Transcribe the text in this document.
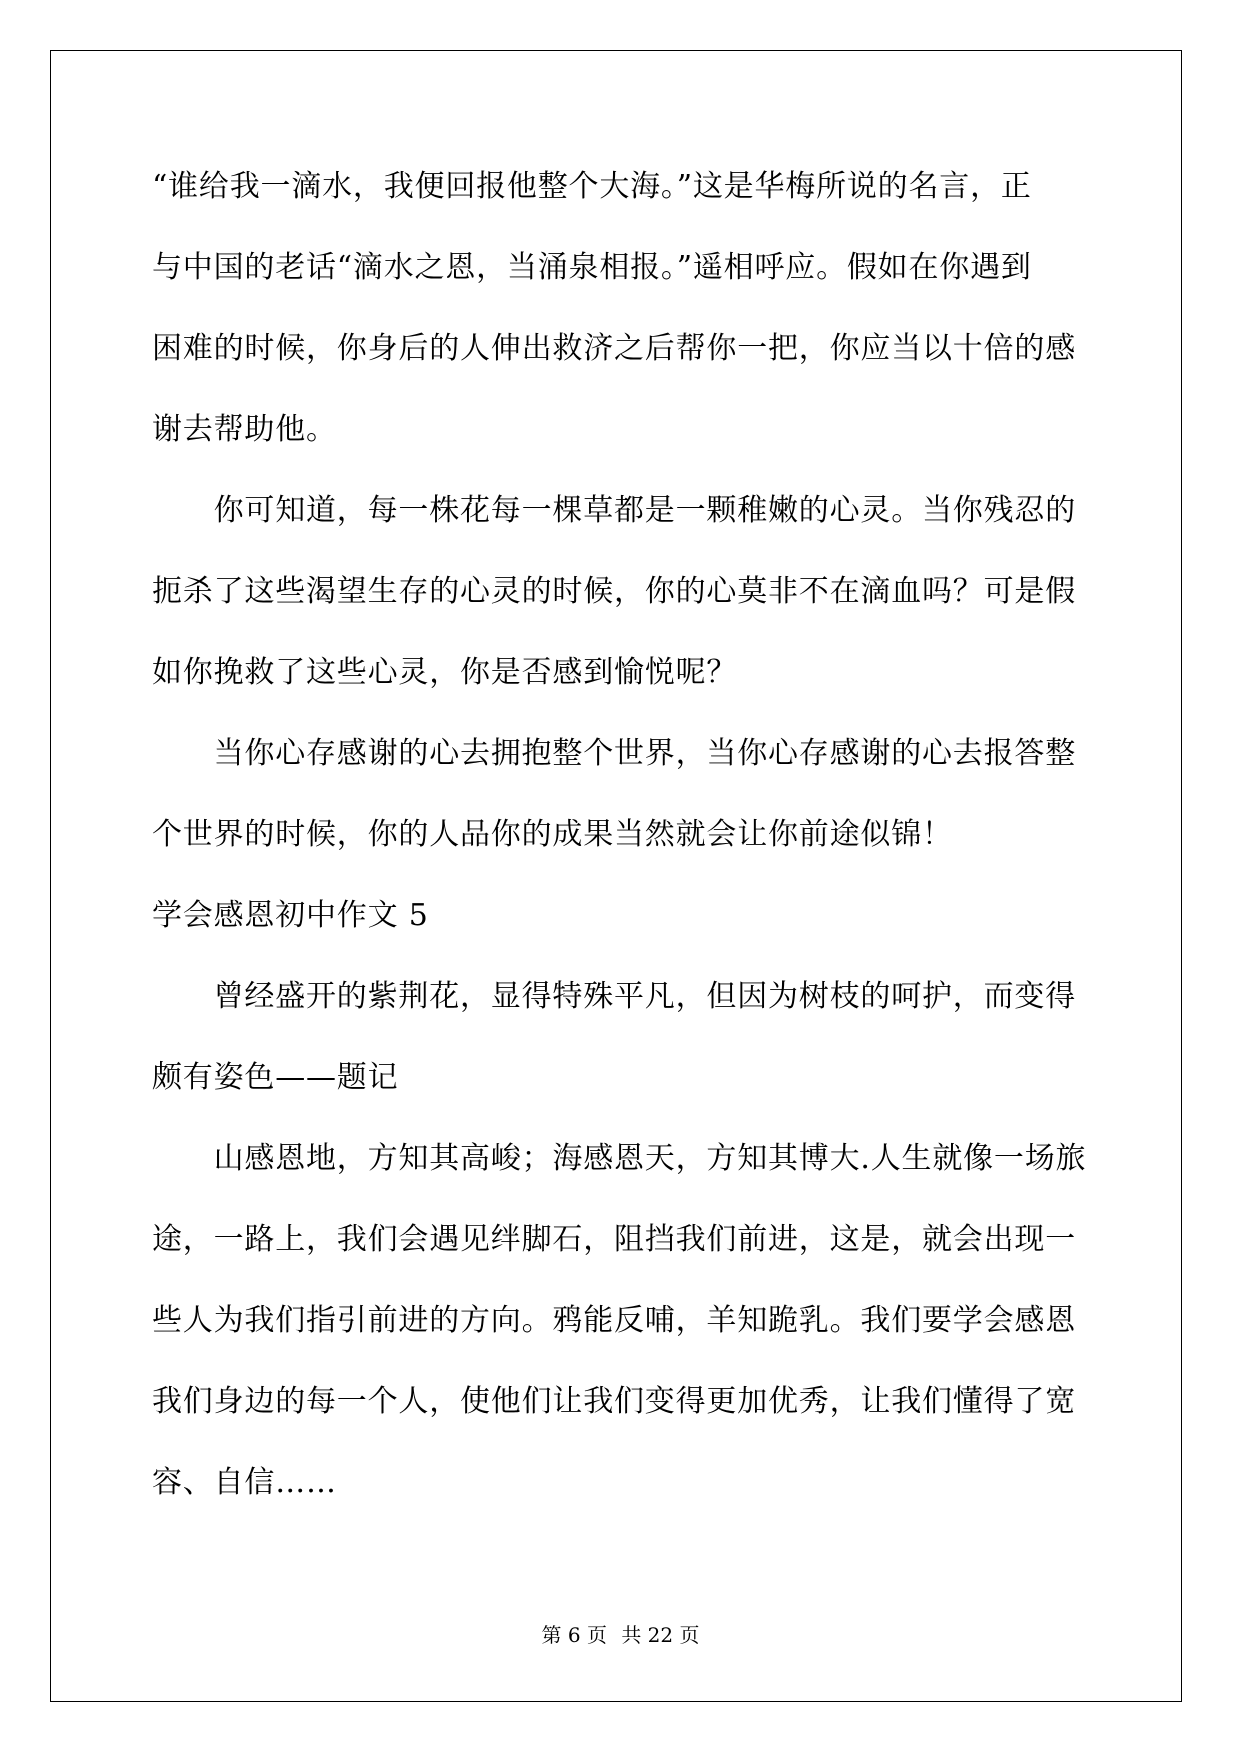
“谁给我一滴水，我便回报他整个大海。”这是华梅所说的名言，正
与中国的老话“滴水之恩，当涌泉相报。”遥相呼应。假如在你遇到
困难的时候，你身后的人伸出救济之后帮你一把，你应当以十倍的感
谢去帮助他。
　　你可知道，每一株花每一棵草都是一颗稚嫩的心灵。当你残忍的
扼杀了这些渴望生存的心灵的时候，你的心莫非不在滴血吗？可是假
如你挽救了这些心灵，你是否感到愉悦呢？
　　当你心存感谢的心去拥抱整个世界，当你心存感谢的心去报答整
个世界的时候，你的人品你的成果当然就会让你前途似锦！
学会感恩初中作文 5
　　曾经盛开的紫荆花，显得特殊平凡，但因为树枝的呵护，而变得
颇有姿色——题记
　　山感恩地，方知其高峻；海感恩天，方知其博大.人生就像一场旅
途，一路上，我们会遇见绊脚石，阻挡我们前进，这是，就会出现一
些人为我们指引前进的方向。鸦能反哺，羊知跪乳。我们要学会感恩
我们身边的每一个人，使他们让我们变得更加优秀，让我们懂得了宽
容、自信……
第 6 页 共 22 页
